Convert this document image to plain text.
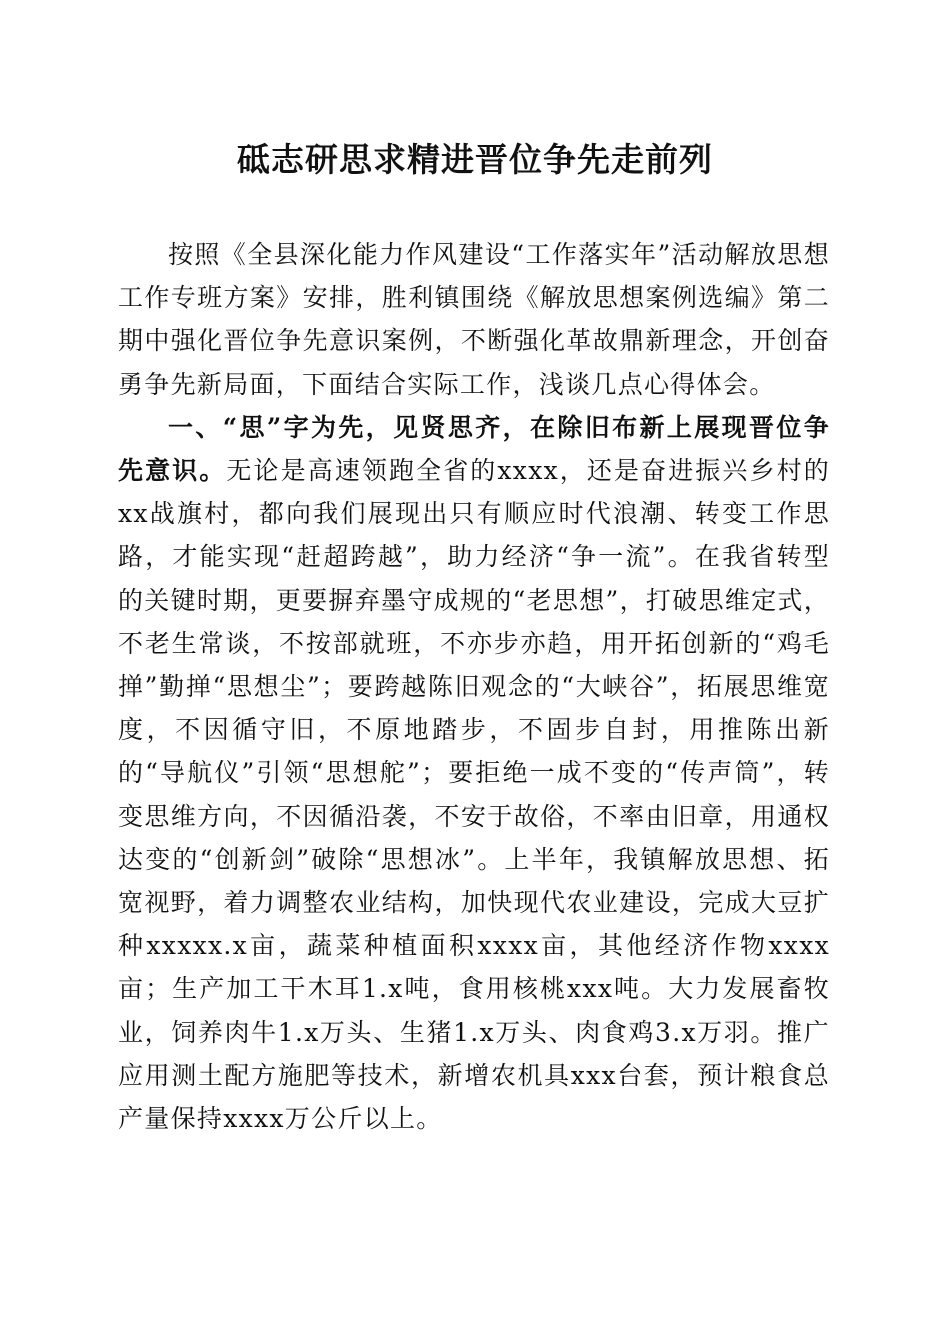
砥志研思求精进晋位争先走前列

按照《全县深化能力作风建设“工作落实年”活动解放思想工作专班方案》安排，胜利镇围绕《解放思想案例选编》第二期中强化晋位争先意识案例，不断强化革故鼎新理念，开创奋勇争先新局面，下面结合实际工作，浅谈几点心得体会。

一、“思”字为先，见贤思齐，在除旧布新上展现晋位争先意识。无论是高速领跑全省的xxxx，还是奋进振兴乡村的xx战旗村，都向我们展现出只有顺应时代浪潮、转变工作思路，才能实现“赶超跨越”，助力经济“争一流”。在我省转型的关键时期，更要摒弃墨守成规的“老思想”，打破思维定式，不老生常谈，不按部就班，不亦步亦趋，用开拓创新的“鸡毛掸”勤掸“思想尘”；要跨越陈旧观念的“大峡谷”，拓展思维宽度，不因循守旧，不原地踏步，不固步自封，用推陈出新的“导航仪”引领“思想舵”；要拒绝一成不变的“传声筒”，转变思维方向，不因循沿袭，不安于故俗，不率由旧章，用通权达变的“创新剑”破除“思想冰”。上半年，我镇解放思想、拓宽视野，着力调整农业结构，加快现代农业建设，完成大豆扩种xxxxx.x亩，蔬菜种植面积xxxx亩，其他经济作物xxxx亩；生产加工干木耳1.x吨，食用核桃xxx吨。大力发展畜牧业，饲养肉牛1.x万头、生猪1.x万头、肉食鸡3.x万羽。推广应用测土配方施肥等技术，新增农机具xxx台套，预计粮食总产量保持xxxx万公斤以上。
